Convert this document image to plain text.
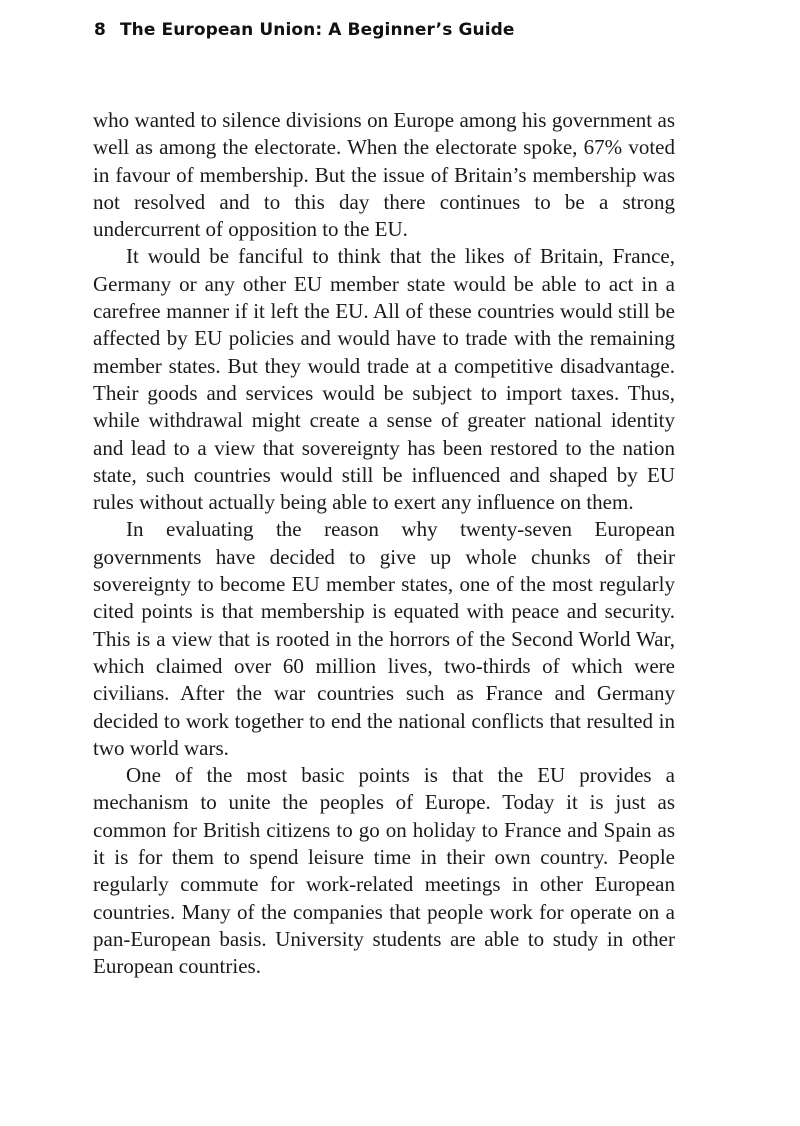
8 The European Union: A Beginner’s Guide

who wanted to silence divisions on Europe among his government as well as among the electorate. When the electorate spoke, 67% voted in favour of membership. But the issue of Britain’s membership was not resolved and to this day there continues to be a strong undercurrent of opposition to the EU.

It would be fanciful to think that the likes of Britain, France, Germany or any other EU member state would be able to act in a carefree manner if it left the EU. All of these countries would still be affected by EU policies and would have to trade with the remaining member states. But they would trade at a competitive disadvantage. Their goods and services would be subject to import taxes. Thus, while withdrawal might create a sense of greater national identity and lead to a view that sovereignty has been restored to the nation state, such countries would still be influenced and shaped by EU rules without actually being able to exert any influence on them.

In evaluating the reason why twenty-seven European governments have decided to give up whole chunks of their sovereignty to become EU member states, one of the most regularly cited points is that membership is equated with peace and security. This is a view that is rooted in the horrors of the Second World War, which claimed over 60 million lives, two-thirds of which were civilians. After the war countries such as France and Germany decided to work together to end the national conflicts that resulted in two world wars.

One of the most basic points is that the EU provides a mechanism to unite the peoples of Europe. Today it is just as common for British citizens to go on holiday to France and Spain as it is for them to spend leisure time in their own country. People regularly commute for work-related meetings in other European countries. Many of the companies that people work for operate on a pan-European basis. University students are able to study in other European countries.
